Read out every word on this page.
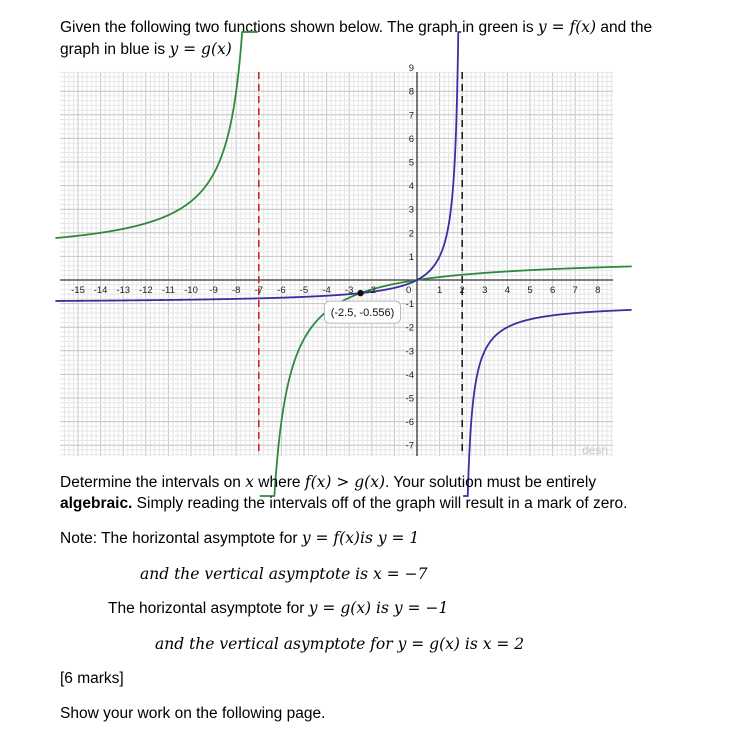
Given the following two functions shown below. The graph in green is y = f(x) and the
graph in blue is y = g(x)
-15 -14 -13 -12 -11 -10 -9 -8 -7 -6 -5 -4 -3 -2	0	1 2 3 4 5 6 7 8
9
8
7
6
5
4
3
2
1
-1
-2
-3
-4
-5
-6
-7
(-2.5, -0.556)
desn
Determine the intervals on x where f(x) > g(x). Your solution must be entirely
algebraic. Simply reading the intervals off of the graph will result in a mark of zero.
Note: The horizontal asymptote for y = f(x)is y = 1
and the vertical asymptote is x = −7
The horizontal asymptote for y = g(x) is y = −1
and the vertical asymptote for y = g(x) is x = 2
[6 marks]
Show your work on the following page.
